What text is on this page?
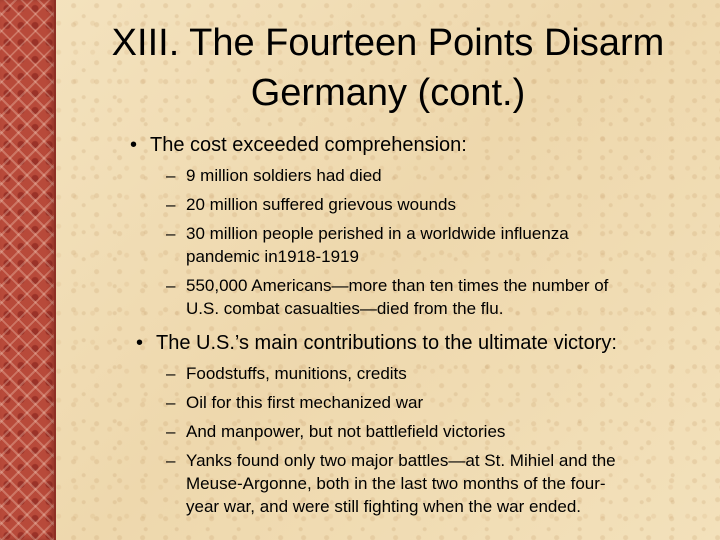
XIII. The Fourteen Points Disarm
Germany (cont.)
• The cost exceeded comprehension:
– 9 million soldiers had died
– 20 million suffered grievous wounds
– 30 million people perished in a worldwide influenza
pandemic in1918-1919
– 550,000 Americans—more than ten times the number of
U.S. combat casualties—died from the flu.
• The U.S.’s main contributions to the ultimate victory:
– Foodstuffs, munitions, credits
– Oil for this first mechanized war
– And manpower, but not battlefield victories
– Yanks found only two major battles—at St. Mihiel and the
Meuse-Argonne, both in the last two months of the four-
year war, and were still fighting when the war ended.
